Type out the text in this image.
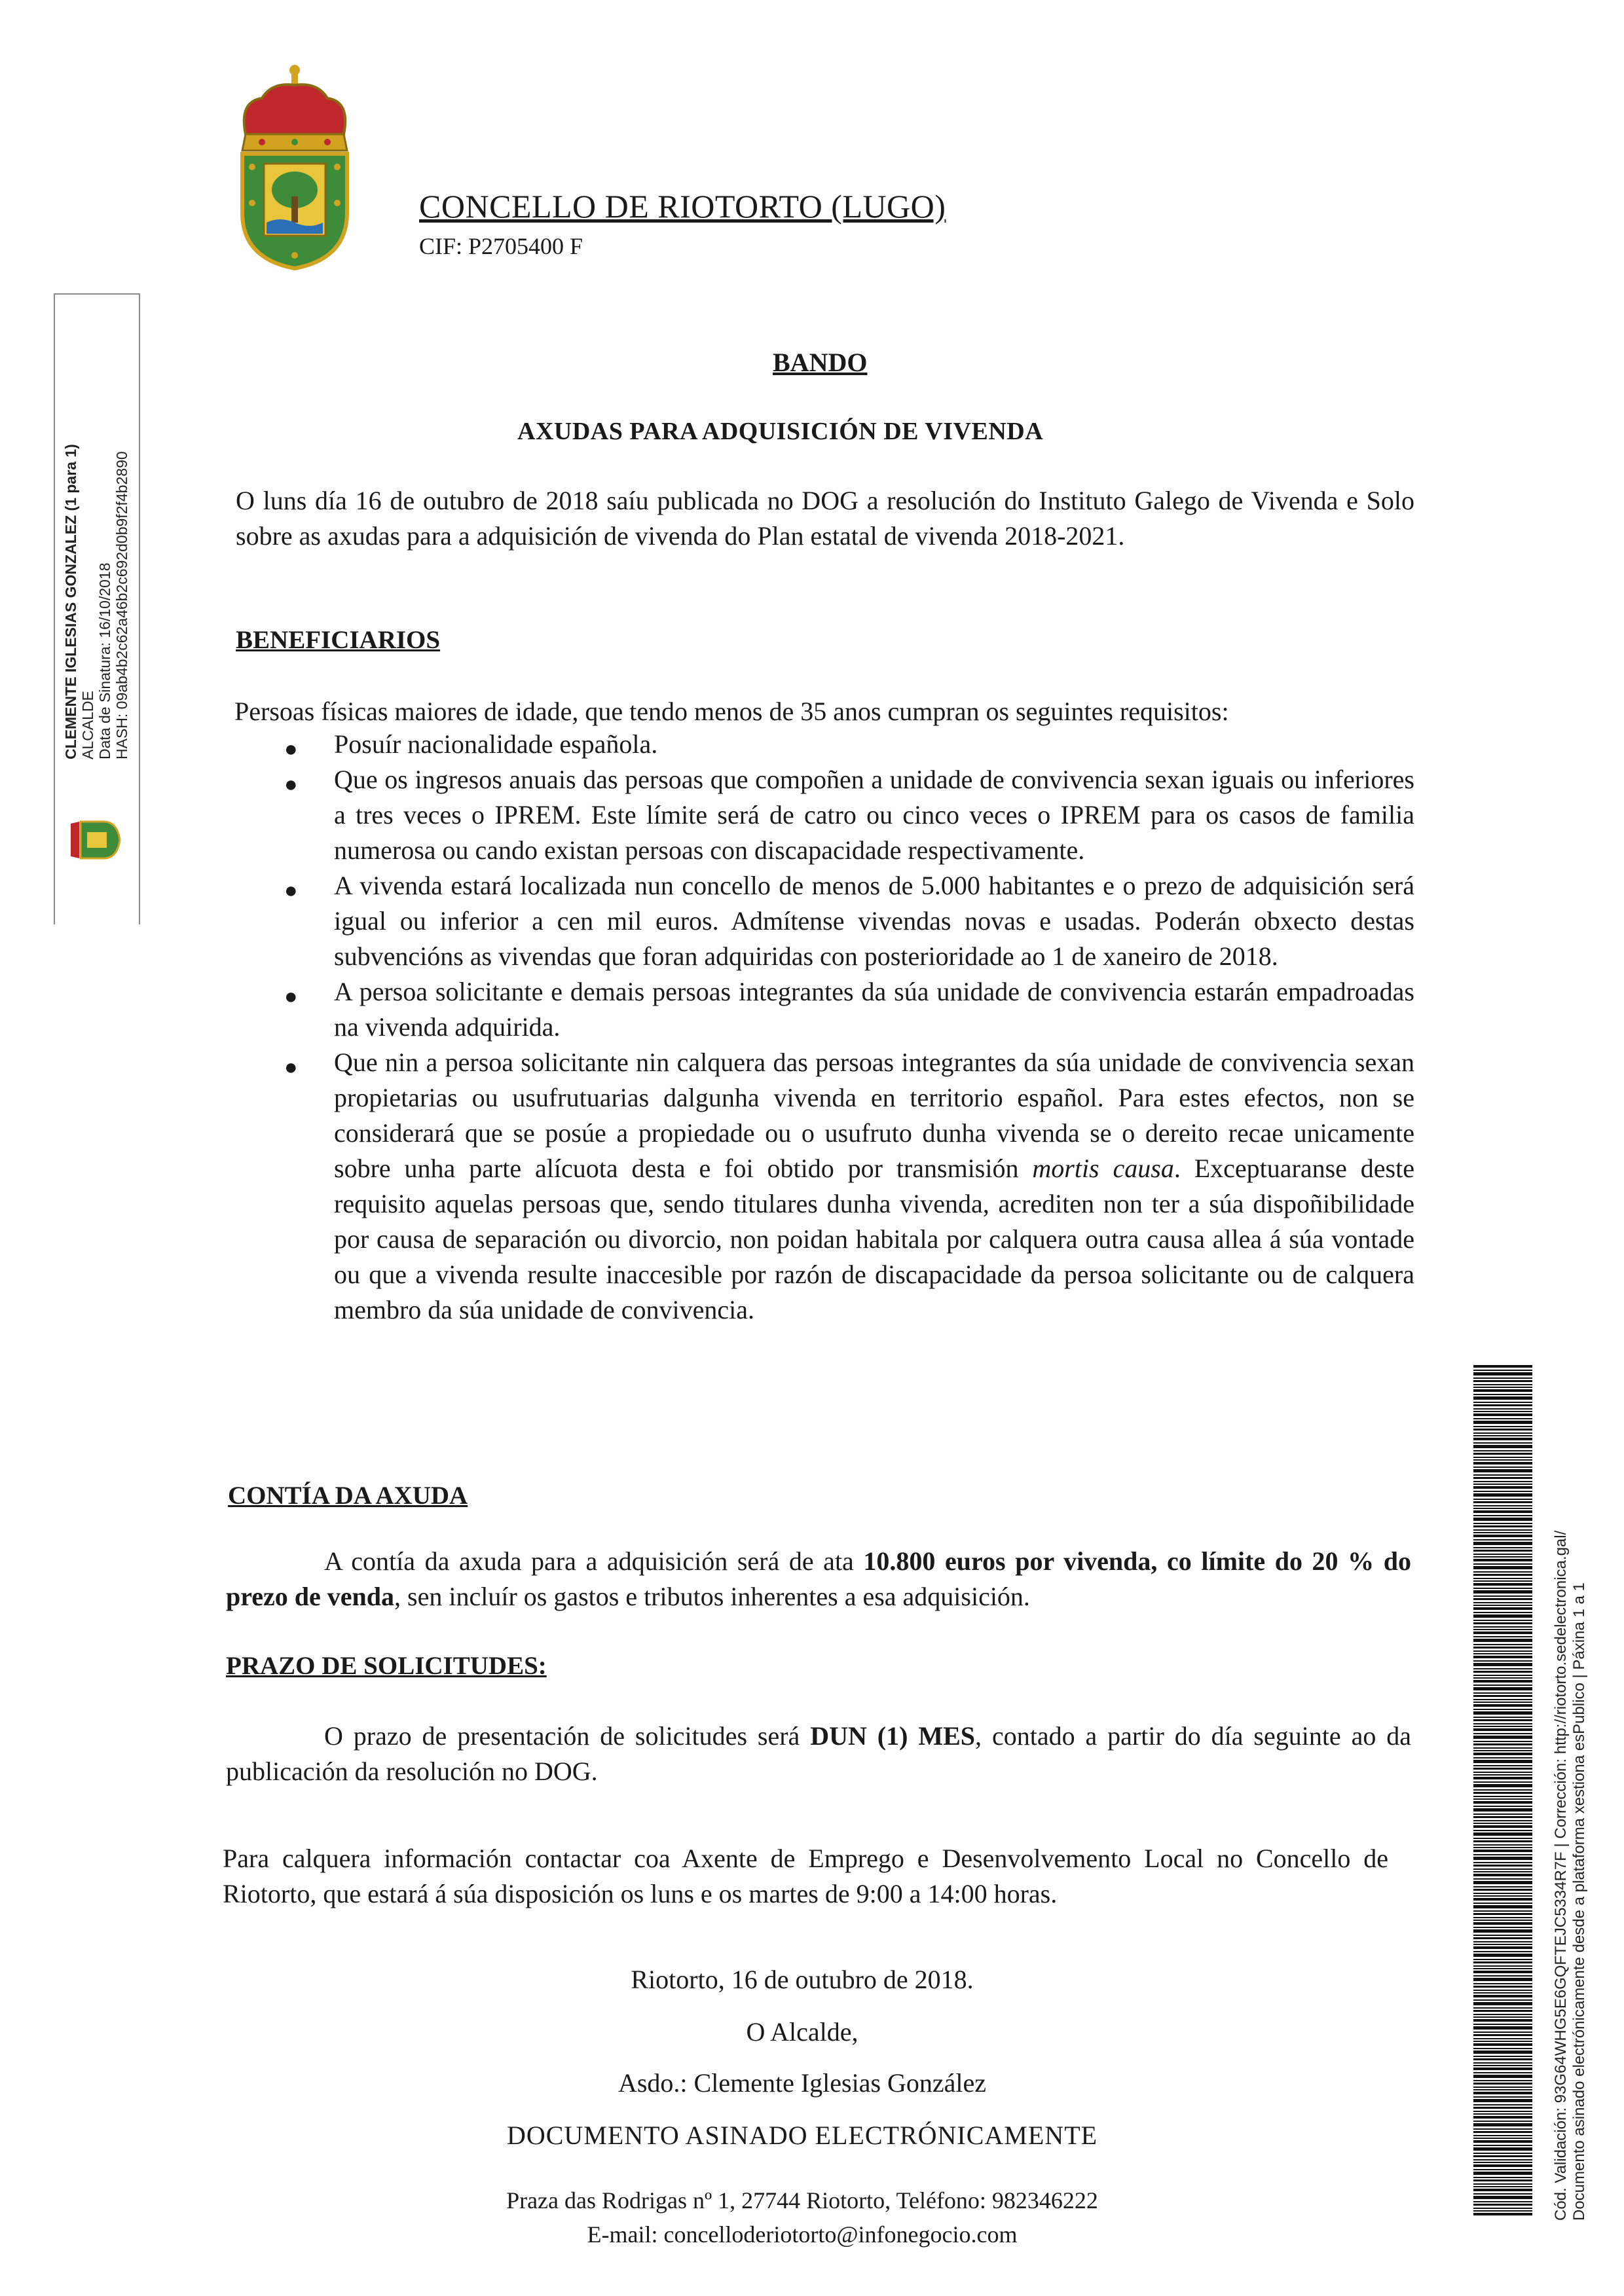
CONCELLO DE RIOTORTO (LUGO)
CIF: P2705400 F
CLEMENTE IGLESIAS GONZALEZ (1 para 1) ALCALDE Data de Sinatura: 16/10/2018 HASH: 09ab4b2c62a46b2c692d0b9f2f4b2890
BANDO
AXUDAS PARA ADQUISICIÓN DE VIVENDA
O luns día 16 de outubro de 2018 saíu publicada no DOG a resolución do Instituto Galego de Vivenda e Solo sobre as axudas para a adquisición de vivenda do Plan estatal de vivenda 2018-2021.
BENEFICIARIOS
Persoas físicas maiores de idade, que tendo menos de 35 anos cumpran os seguintes requisitos:
● Posuír nacionalidade española.
● Que os ingresos anuais das persoas que compoñen a unidade de convivencia sexan iguais ou inferiores a tres veces o IPREM. Este límite será de catro ou cinco veces o IPREM para os casos de familia numerosa ou cando existan persoas con discapacidade respectivamente.
● A vivenda estará localizada nun concello de menos de 5.000 habitantes e o prezo de adquisición será igual ou inferior a cen mil euros. Admítense vivendas novas e usadas. Poderán obxecto destas subvencións as vivendas que foran adquiridas con posterioridade ao 1 de xaneiro de 2018.
● A persoa solicitante e demais persoas integrantes da súa unidade de convivencia estarán empadroadas na vivenda adquirida.
● Que nin a persoa solicitante nin calquera das persoas integrantes da súa unidade de convivencia sexan propietarias ou usufrutuarias dalgunha vivenda en territorio español. Para estes efectos, non se considerará que se posúe a propiedade ou o usufruto dunha vivenda se o dereito recae unicamente sobre unha parte alícuota desta e foi obtido por transmisión mortis causa. Exceptuaranse deste requisito aquelas persoas que, sendo titulares dunha vivenda, acrediten non ter a súa dispoñibilidade por causa de separación ou divorcio, non poidan habitala por calquera outra causa allea á súa vontade ou que a vivenda resulte inaccesible por razón de discapacidade da persoa solicitante ou de calquera membro da súa unidade de convivencia.
CONTÍA DA AXUDA
A contía da axuda para a adquisición será de ata 10.800 euros por vivenda, co límite do 20 % do prezo de venda, sen incluír os gastos e tributos inherentes a esa adquisición.
PRAZO DE SOLICITUDES:
O prazo de presentación de solicitudes será DUN (1) MES, contado a partir do día seguinte ao da publicación da resolución no DOG.
Para calquera información contactar coa Axente de Emprego e Desenvolvemento Local no Concello de Riotorto, que estará á súa disposición os luns e os martes de 9:00 a 14:00 horas.
Riotorto, 16 de outubro de 2018.
O Alcalde,
Asdo.: Clemente Iglesias González
DOCUMENTO ASINADO ELECTRÓNICAMENTE
Praza das Rodrigas nº 1, 27744 Riotorto, Teléfono: 982346222
E-mail: concelloderiotorto@infonegocio.com
Cód. Validación: 93G64WHG5E6GQFTEJC5334R7F | Corrección: http://riotorto.sedelectronica.gal/ Documento asinado electrónicamente desde a plataforma xestiona esPublico | Páxina 1 a 1
